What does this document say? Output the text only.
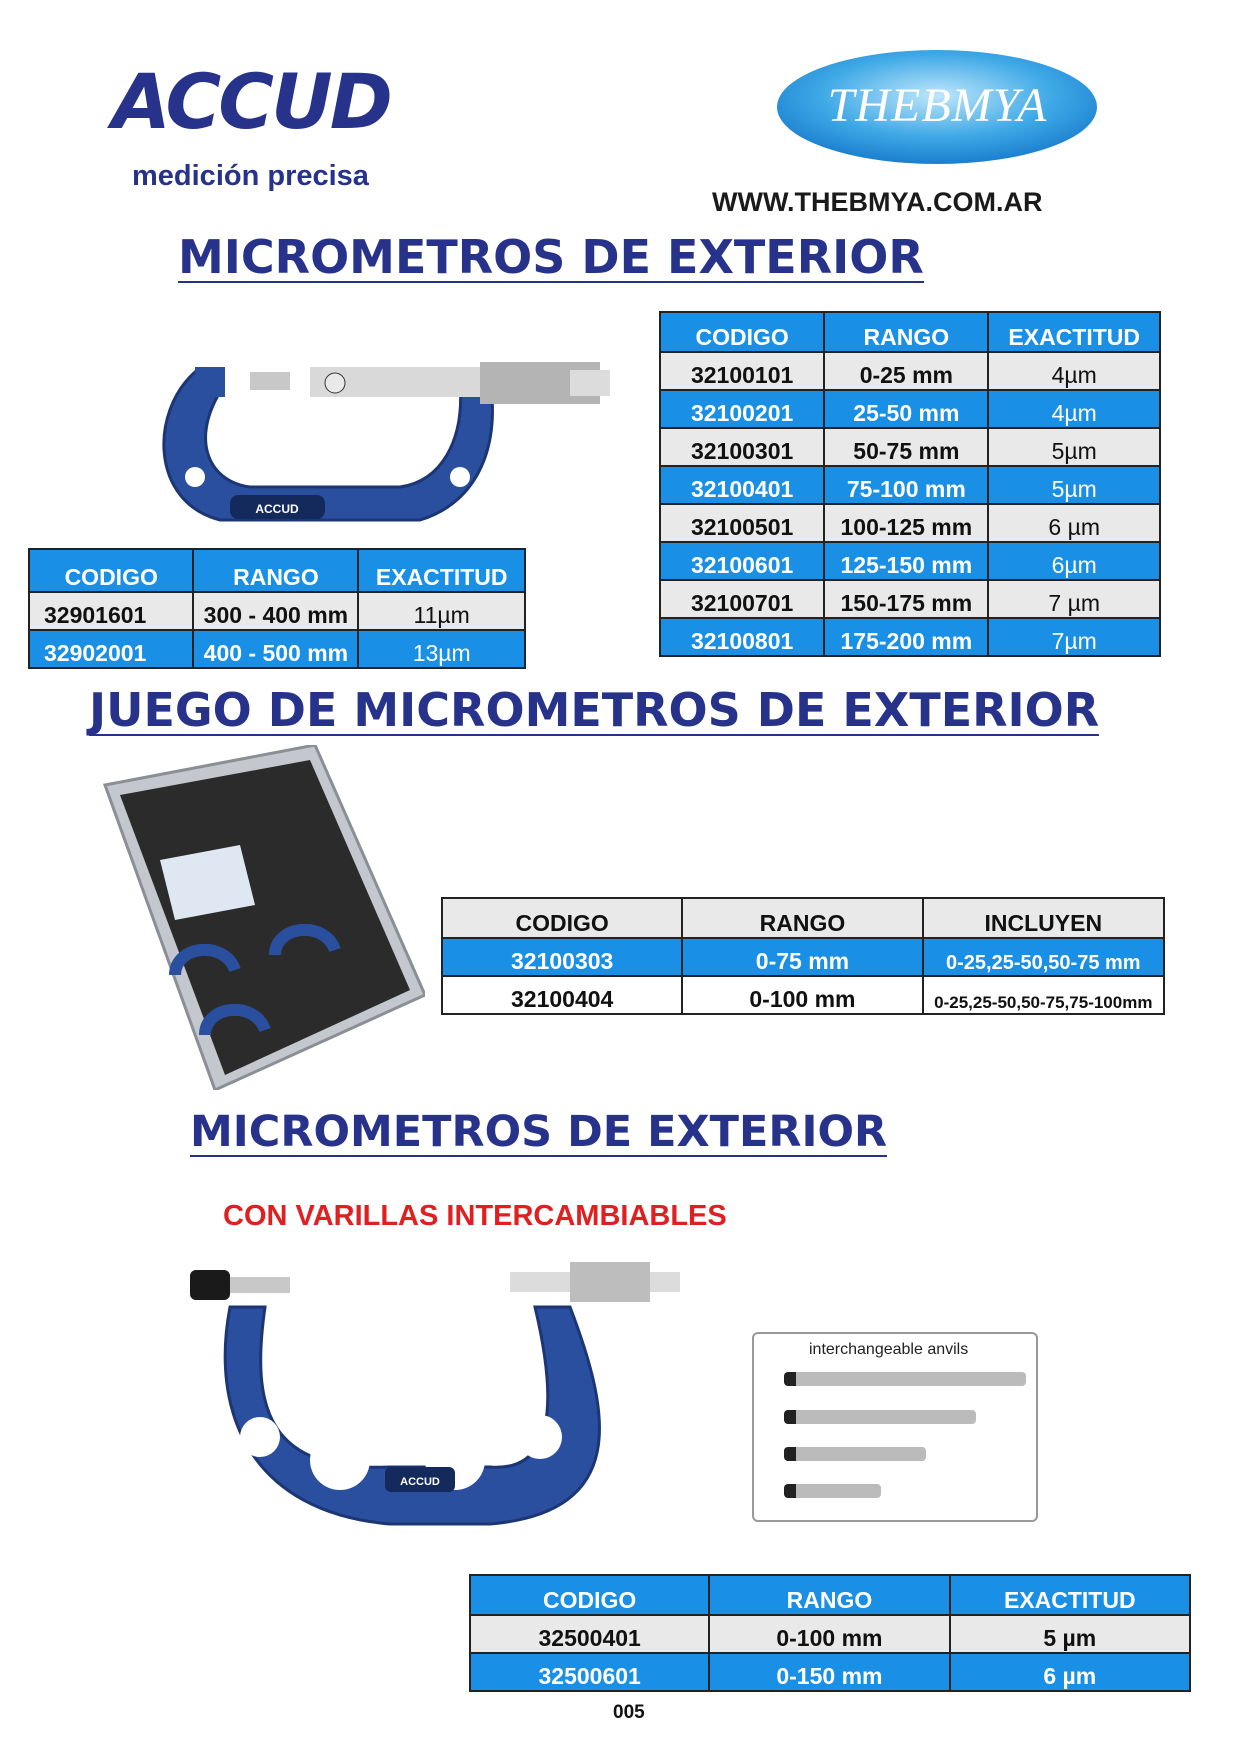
ACCUD
medición precisa
THEBMYA
WWW.THEBMYA.COM.AR
MICROMETROS DE EXTERIOR
ACCUD
CODIGO	RANGO	EXACTITUD
32901601	300 - 400 mm	11µm
32902001	400 - 500 mm	13µm
CODIGO	RANGO	EXACTITUD
32100101	0-25 mm	4µm
32100201	25-50 mm	4µm
32100301	50-75 mm	5µm
32100401	75-100 mm	5µm
32100501	100-125 mm	6 µm
32100601	125-150 mm	6µm
32100701	150-175 mm	7 µm
32100801	175-200 mm	7µm
JUEGO DE MICROMETROS DE EXTERIOR
CODIGO	RANGO	INCLUYEN
32100303	0-75 mm	0-25,25-50,50-75 mm
32100404	0-100 mm	0-25,25-50,50-75,75-100mm
MICROMETROS DE EXTERIOR
CON VARILLAS INTERCAMBIABLES
ACCUD
interchangeable anvils
CODIGO	RANGO	EXACTITUD
32500401	0-100 mm	5 µm
32500601	0-150 mm	6 µm
005
